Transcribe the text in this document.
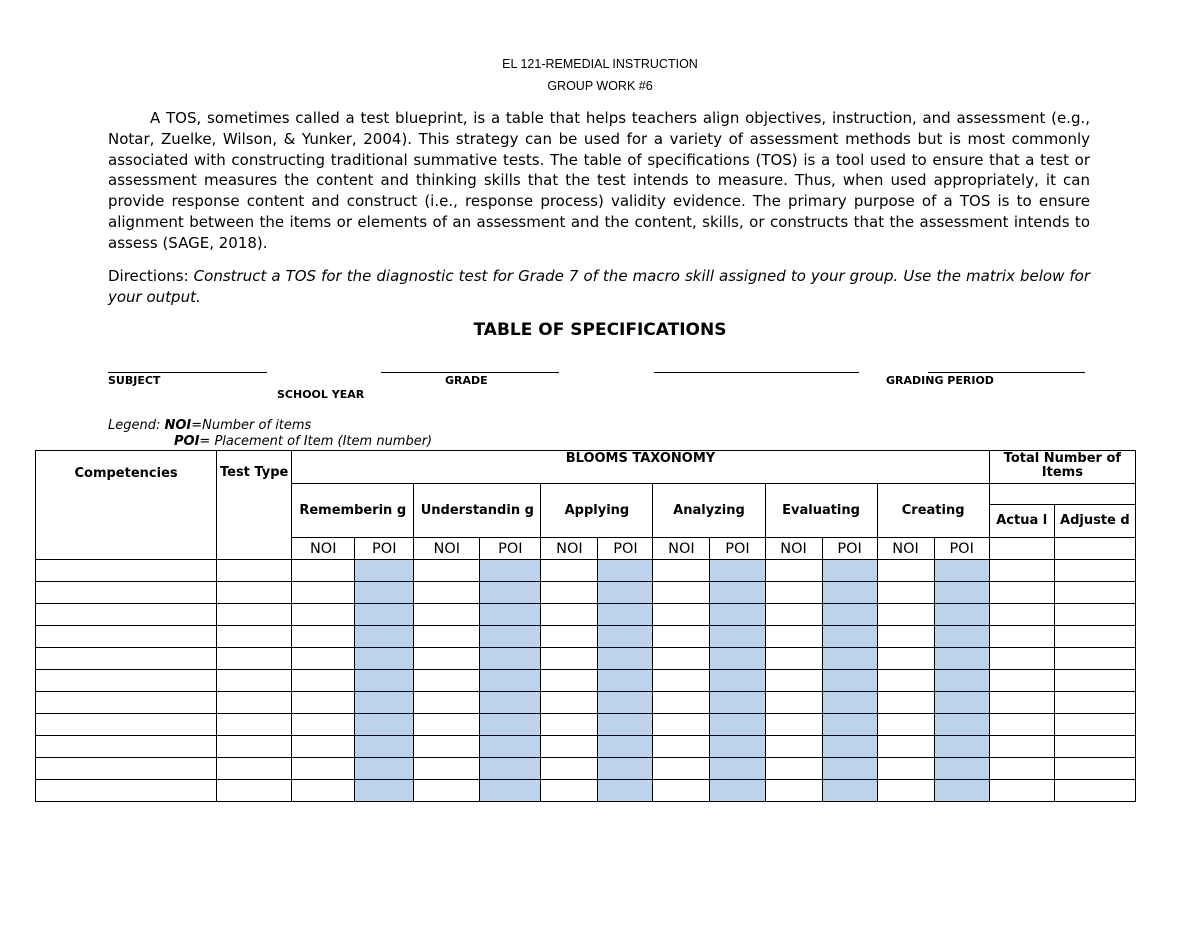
EL 121-REMEDIAL INSTRUCTION
GROUP WORK #6

A TOS, sometimes called a test blueprint, is a table that helps teachers align objectives, instruction, and assessment (e.g., Notar, Zuelke, Wilson, & Yunker, 2004). This strategy can be used for a variety of assessment methods but is most commonly associated with constructing traditional summative tests. The table of specifications (TOS) is a tool used to ensure that a test or assessment measures the content and thinking skills that the test intends to measure. Thus, when used appropriately, it can provide response content and construct (i.e., response process) validity evidence. The primary purpose of a TOS is to ensure alignment between the items or elements of an assessment and the content, skills, or constructs that the assessment intends to assess (SAGE, 2018).

Directions: Construct a TOS for the diagnostic test for Grade 7 of the macro skill assigned to your group. Use the matrix below for your output.

TABLE OF SPECIFICATIONS
SUBJECT	GRADE	GRADING PERIOD
SCHOOL YEAR
Legend: NOI=Number of items
POI= Placement of Item (Item number)
Competencies	Test Type	BLOOMS TAXONOMY												Total Number of Items	
		Rememberin g		Understandin g		Applying		Analyzing		Evaluating		Creating			
														Actua l	Adjuste d
		NOI	POI	NOI	POI	NOI	POI	NOI	POI	NOI	POI	NOI	POI		
